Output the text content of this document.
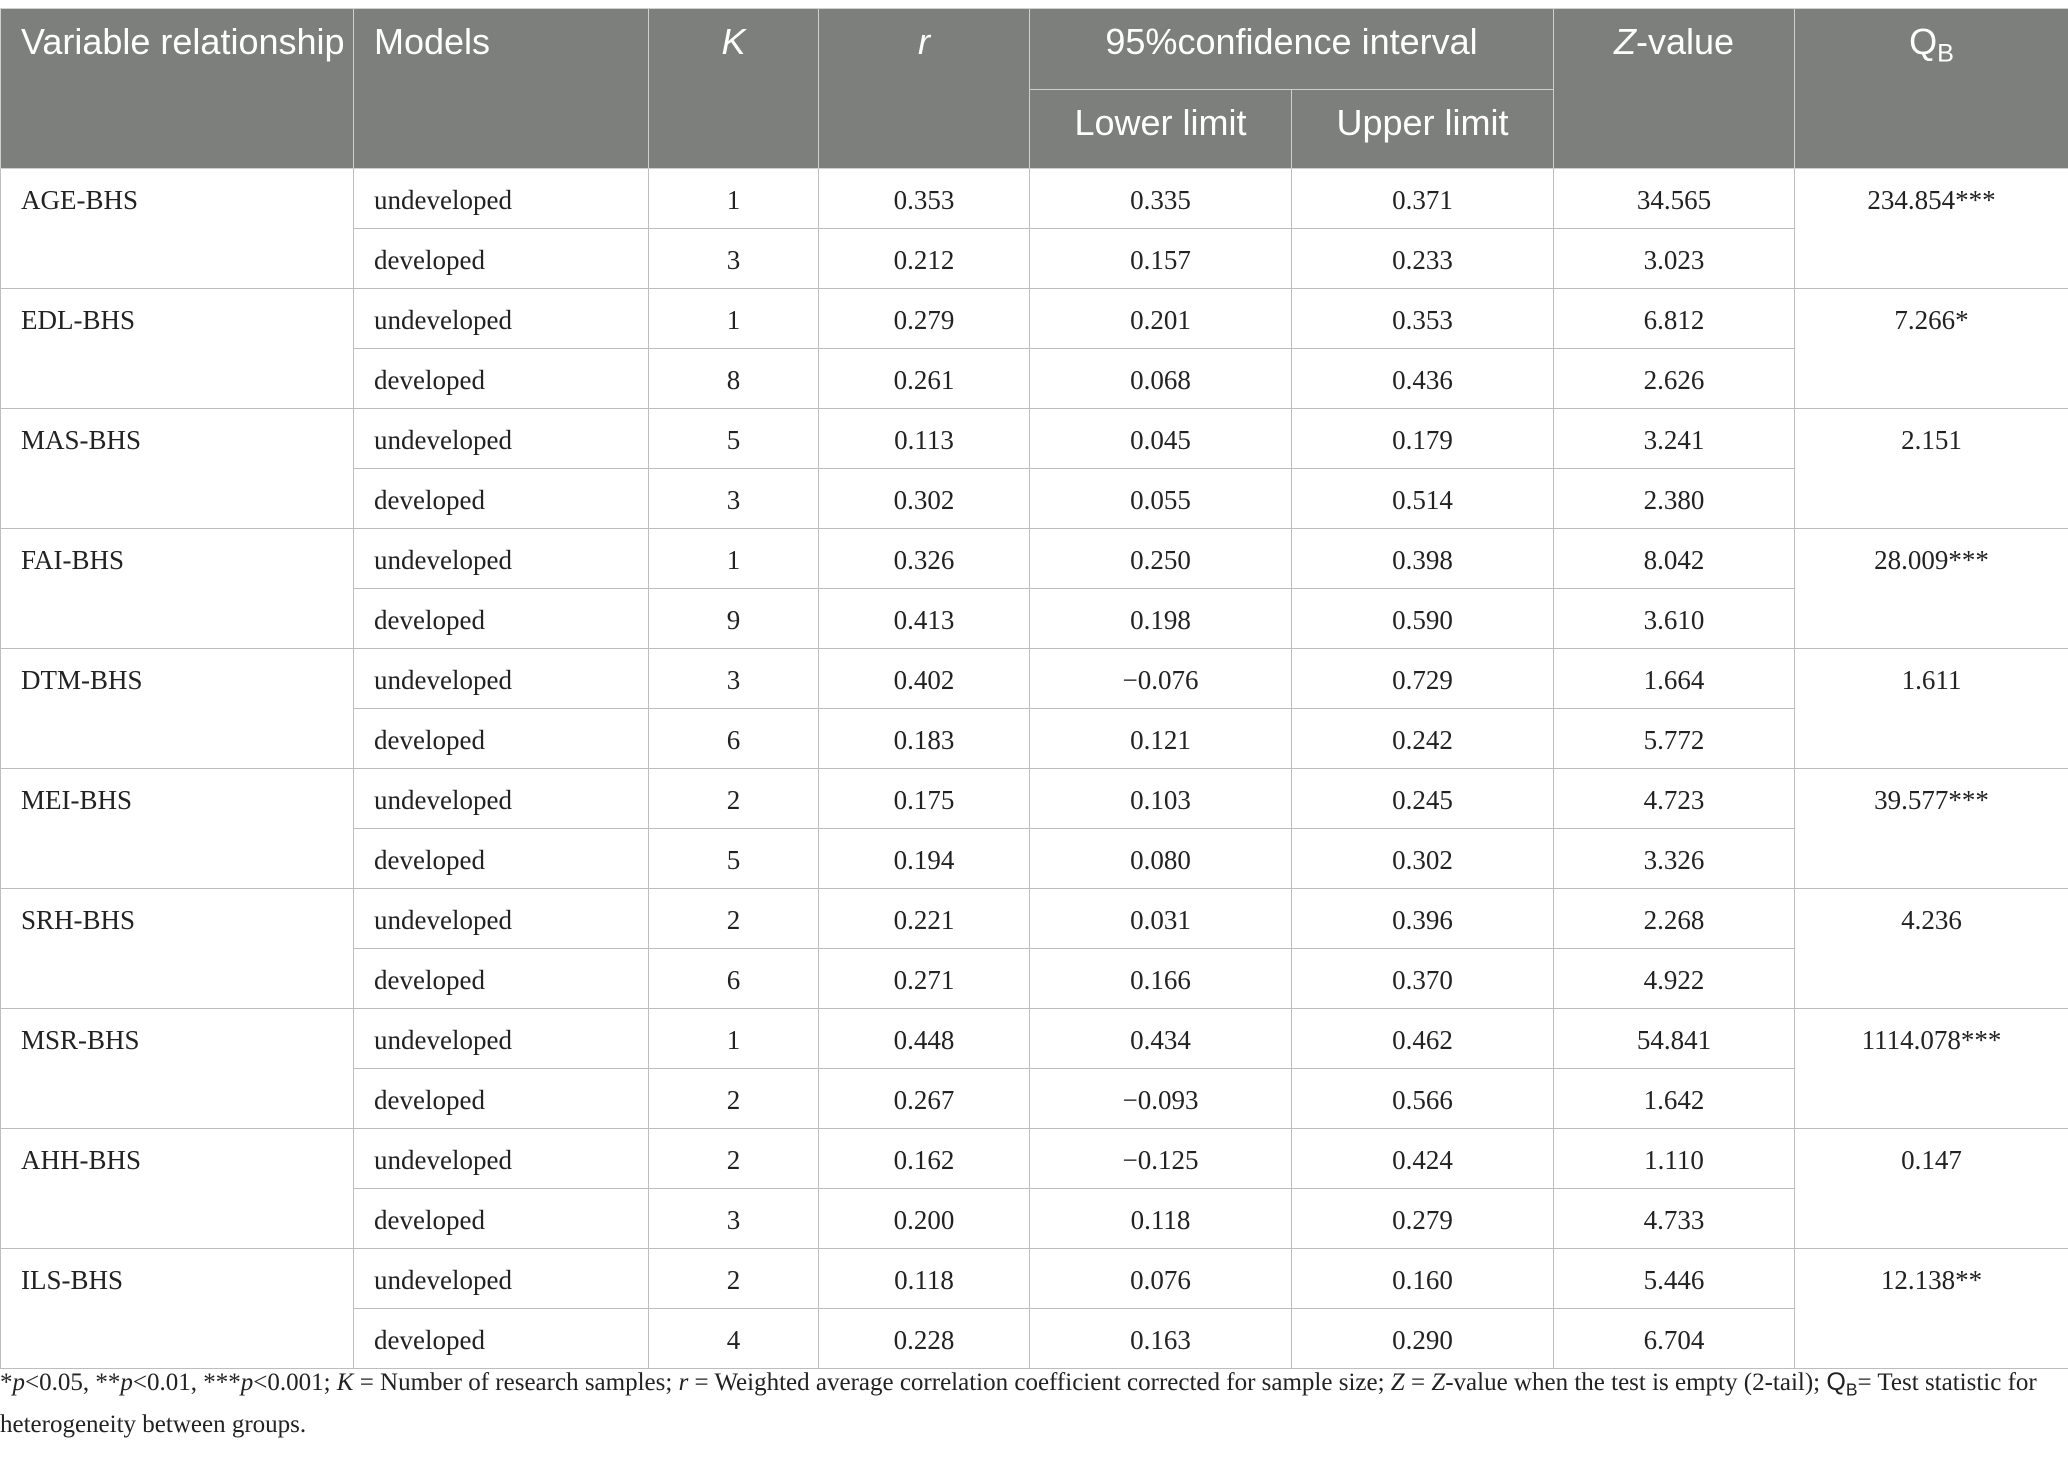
Variable relationship	Models	K	r	95%confidence interval		Z-value	$Q_B$
				Lower limit	Upper limit		
AGE-BHS	undeveloped	1	0.353	0.335	0.371	34.565	234.854***
	developed	3	0.212	0.157	0.233	3.023	
EDL-BHS	undeveloped	1	0.279	0.201	0.353	6.812	7.266*
	developed	8	0.261	0.068	0.436	2.626	
MAS-BHS	undeveloped	5	0.113	0.045	0.179	3.241	2.151
	developed	3	0.302	0.055	0.514	2.380	
FAI-BHS	undeveloped	1	0.326	0.250	0.398	8.042	28.009***
	developed	9	0.413	0.198	0.590	3.610	
DTM-BHS	undeveloped	3	0.402	−0.076	0.729	1.664	1.611
	developed	6	0.183	0.121	0.242	5.772	
MEI-BHS	undeveloped	2	0.175	0.103	0.245	4.723	39.577***
	developed	5	0.194	0.080	0.302	3.326	
SRH-BHS	undeveloped	2	0.221	0.031	0.396	2.268	4.236
	developed	6	0.271	0.166	0.370	4.922	
MSR-BHS	undeveloped	1	0.448	0.434	0.462	54.841	1114.078***
	developed	2	0.267	−0.093	0.566	1.642	
AHH-BHS	undeveloped	2	0.162	−0.125	0.424	1.110	0.147
	developed	3	0.200	0.118	0.279	4.733	
ILS-BHS	undeveloped	2	0.118	0.076	0.160	5.446	12.138**
	developed	4	0.228	0.163	0.290	6.704	
*p<0.05, **p<0.01, ***p<0.001; K = Number of research samples; r = Weighted average correlation coefficient corrected for sample size; Z = Z-value when the test is empty (2-tail); $Q_B=$ Test statistic for heterogeneity between groups.
